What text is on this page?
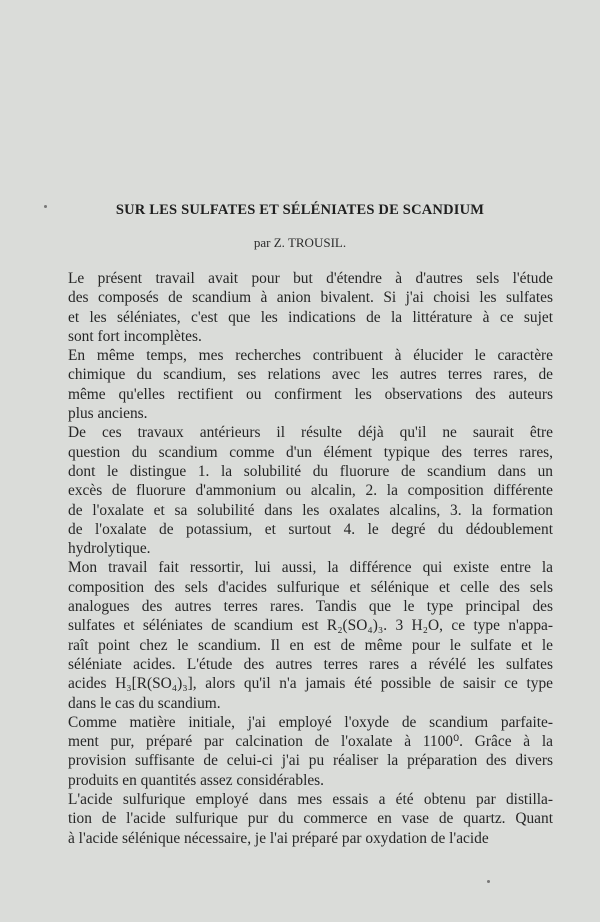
SUR LES SULFATES ET SÉLÉNIATES DE SCANDIUM
par Z. TROUSIL.

Le présent travail avait pour but d'étendre à d'autres sels l'étude
des composés de scandium à anion bivalent. Si j'ai choisi les sulfates
et les séléniates, c'est que les indications de la littérature à ce sujet
sont fort incomplètes.

En même temps, mes recherches contribuent à élucider le caractère
chimique du scandium, ses relations avec les autres terres rares, de
même qu'elles rectifient ou confirment les observations des auteurs
plus anciens.

De ces travaux antérieurs il résulte déjà qu'il ne saurait être
question du scandium comme d'un élément typique des terres rares,
dont le distingue 1. la solubilité du fluorure de scandium dans un
excès de fluorure d'ammonium ou alcalin, 2. la composition différente
de l'oxalate et sa solubilité dans les oxalates alcalins, 3. la formation
de l'oxalate de potassium, et surtout 4. le degré du dédoublement
hydrolytique.

Mon travail fait ressortir, lui aussi, la différence qui existe entre la
composition des sels d'acides sulfurique et sélénique et celle des sels
analogues des autres terres rares. Tandis que le type principal des
sulfates et séléniates de scandium est R₂(SO₄)₃. 3 H₂O, ce type n'appa-
raît point chez le scandium. Il en est de même pour le sulfate et le
séléniate acides. L'étude des autres terres rares a révélé les sulfates
acides H₃[R(SO₄)₃], alors qu'il n'a jamais été possible de saisir ce type
dans le cas du scandium.

Comme matière initiale, j'ai employé l'oxyde de scandium parfaite-
ment pur, préparé par calcination de l'oxalate à 1100⁰. Grâce à la
provision suffisante de celui-ci j'ai pu réaliser la préparation des divers
produits en quantités assez considérables.

L'acide sulfurique employé dans mes essais a été obtenu par distilla-
tion de l'acide sulfurique pur du commerce en vase de quartz. Quant
à l'acide sélénique nécessaire, je l'ai préparé par oxydation de l'acide
